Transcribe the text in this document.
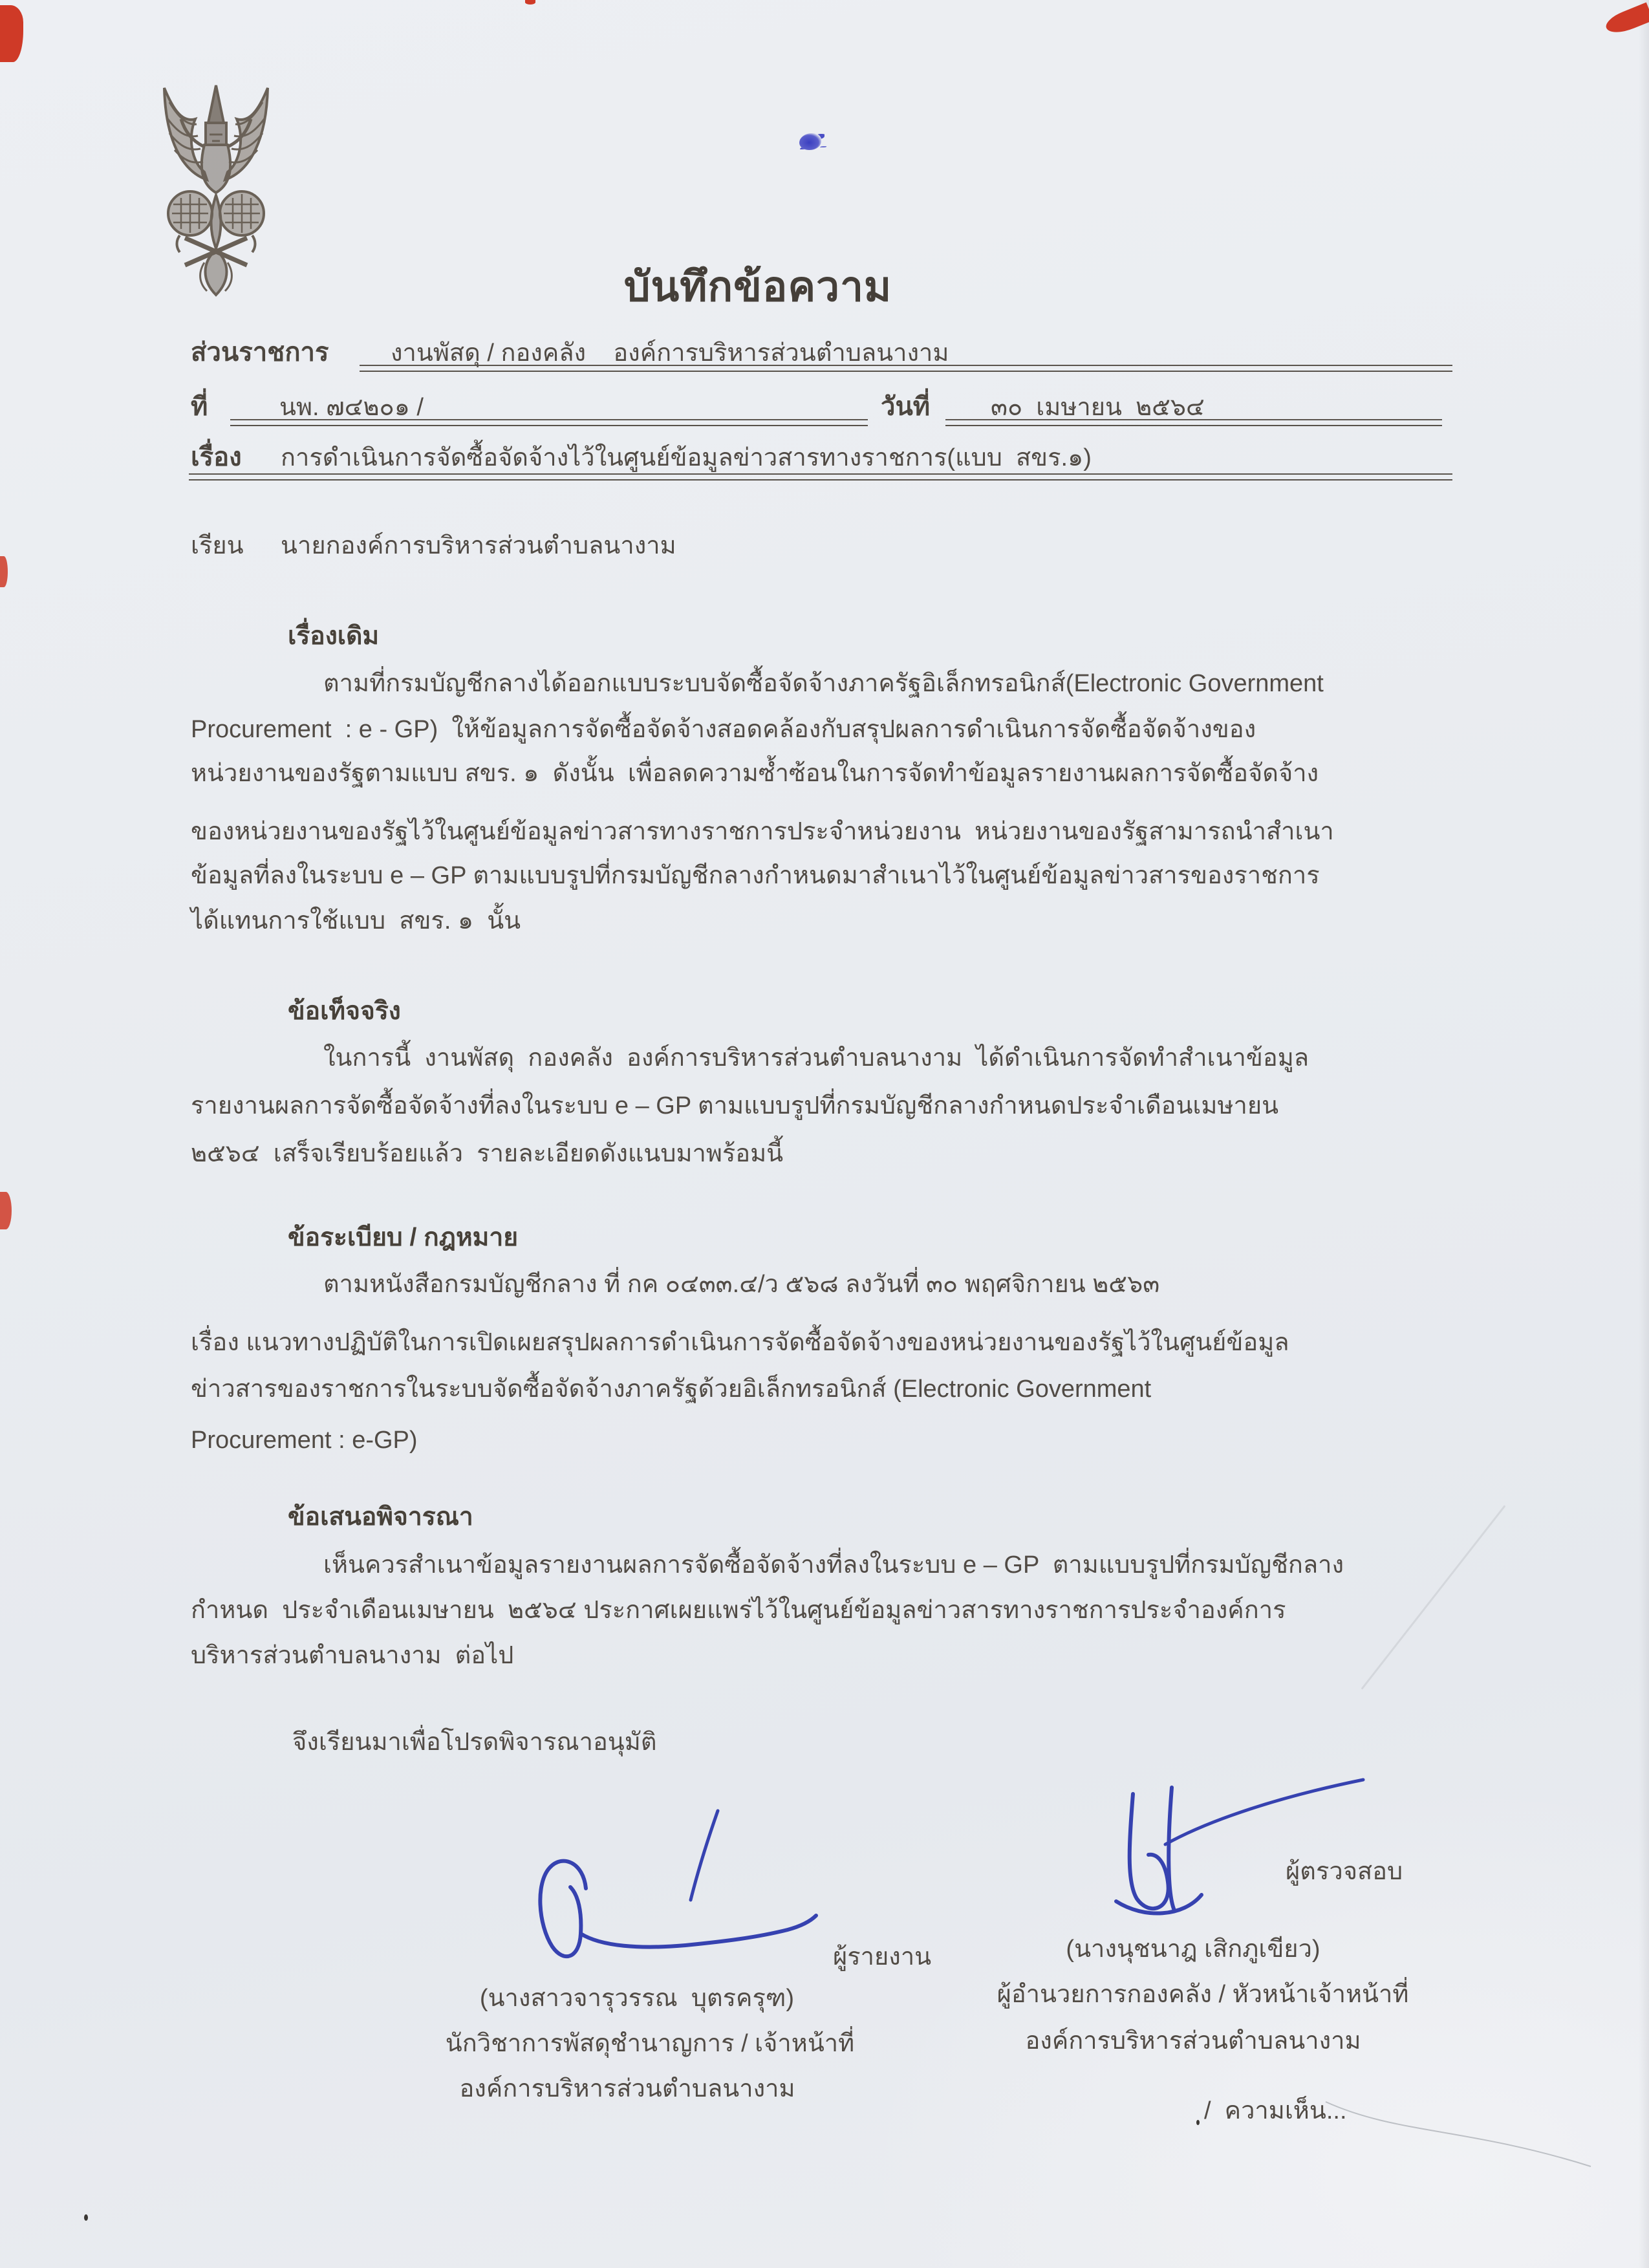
บันทึกข้อความ
ส่วนราชการ	งานพัสดุ / กองคลัง    องค์การบริหารส่วนตำบลนางาม
ที่	นพ. ๗๔๒๐๑ /	วันที่ ๓๐  เมษายน  ๒๕๖๔
เรื่อง การดำเนินการจัดซื้อจัดจ้างไว้ในศูนย์ข้อมูลข่าวสารทางราชการ(แบบ  สขร.๑)
เรียน นายกองค์การบริหารส่วนตำบลนางาม
เรื่องเดิม
ตามที่กรมบัญชีกลางได้ออกแบบระบบจัดซื้อจัดจ้างภาครัฐอิเล็กทรอนิกส์(Electronic Government
Procurement  : e - GP)  ให้ข้อมูลการจัดซื้อจัดจ้างสอดคล้องกับสรุปผลการดำเนินการจัดซื้อจัดจ้างของ
หน่วยงานของรัฐตามแบบ สขร. ๑  ดังนั้น  เพื่อลดความซ้ำซ้อนในการจัดทำข้อมูลรายงานผลการจัดซื้อจัดจ้าง
ของหน่วยงานของรัฐไว้ในศูนย์ข้อมูลข่าวสารทางราชการประจำหน่วยงาน  หน่วยงานของรัฐสามารถนำสำเนา
ข้อมูลที่ลงในระบบ e – GP ตามแบบรูปที่กรมบัญชีกลางกำหนดมาสำเนาไว้ในศูนย์ข้อมูลข่าวสารของราชการ
ได้แทนการใช้แบบ  สขร. ๑  นั้น
ข้อเท็จจริง
ในการนี้  งานพัสดุ  กองคลัง  องค์การบริหารส่วนตำบลนางาม  ได้ดำเนินการจัดทำสำเนาข้อมูล
รายงานผลการจัดซื้อจัดจ้างที่ลงในระบบ e – GP ตามแบบรูปที่กรมบัญชีกลางกำหนดประจำเดือนเมษายน
๒๕๖๔  เสร็จเรียบร้อยแล้ว  รายละเอียดดังแนบมาพร้อมนี้
ข้อระเบียบ / กฎหมาย
ตามหนังสือกรมบัญชีกลาง ที่ กค ๐๔๓๓.๔/ว ๕๖๘ ลงวันที่ ๓๐ พฤศจิกายน ๒๕๖๓
เรื่อง แนวทางปฏิบัติในการเปิดเผยสรุปผลการดำเนินการจัดซื้อจัดจ้างของหน่วยงานของรัฐไว้ในศูนย์ข้อมูล
ข่าวสารของราชการในระบบจัดซื้อจัดจ้างภาครัฐด้วยอิเล็กทรอนิกส์ (Electronic Government
Procurement : e-GP)
ข้อเสนอพิจารณา
เห็นควรสำเนาข้อมูลรายงานผลการจัดซื้อจัดจ้างที่ลงในระบบ e – GP  ตามแบบรูปที่กรมบัญชีกลาง
กำหนด  ประจำเดือนเมษายน  ๒๕๖๔ ประกาศเผยแพร่ไว้ในศูนย์ข้อมูลข่าวสารทางราชการประจำองค์การ
บริหารส่วนตำบลนางาม  ต่อไป
จึงเรียนมาเพื่อโปรดพิจารณาอนุมัติ
ผู้รายงาน
ผู้ตรวจสอบ
(นางสาวจารุวรรณ  บุตรครุฑ)
นักวิชาการพัสดุชำนาญการ / เจ้าหน้าที่
องค์การบริหารส่วนตำบลนางาม
(นางนุชนาฎ เสิกภูเขียว)
ผู้อำนวยการกองคลัง / หัวหน้าเจ้าหน้าที่
องค์การบริหารส่วนตำบลนางาม
/  ความเห็น...
